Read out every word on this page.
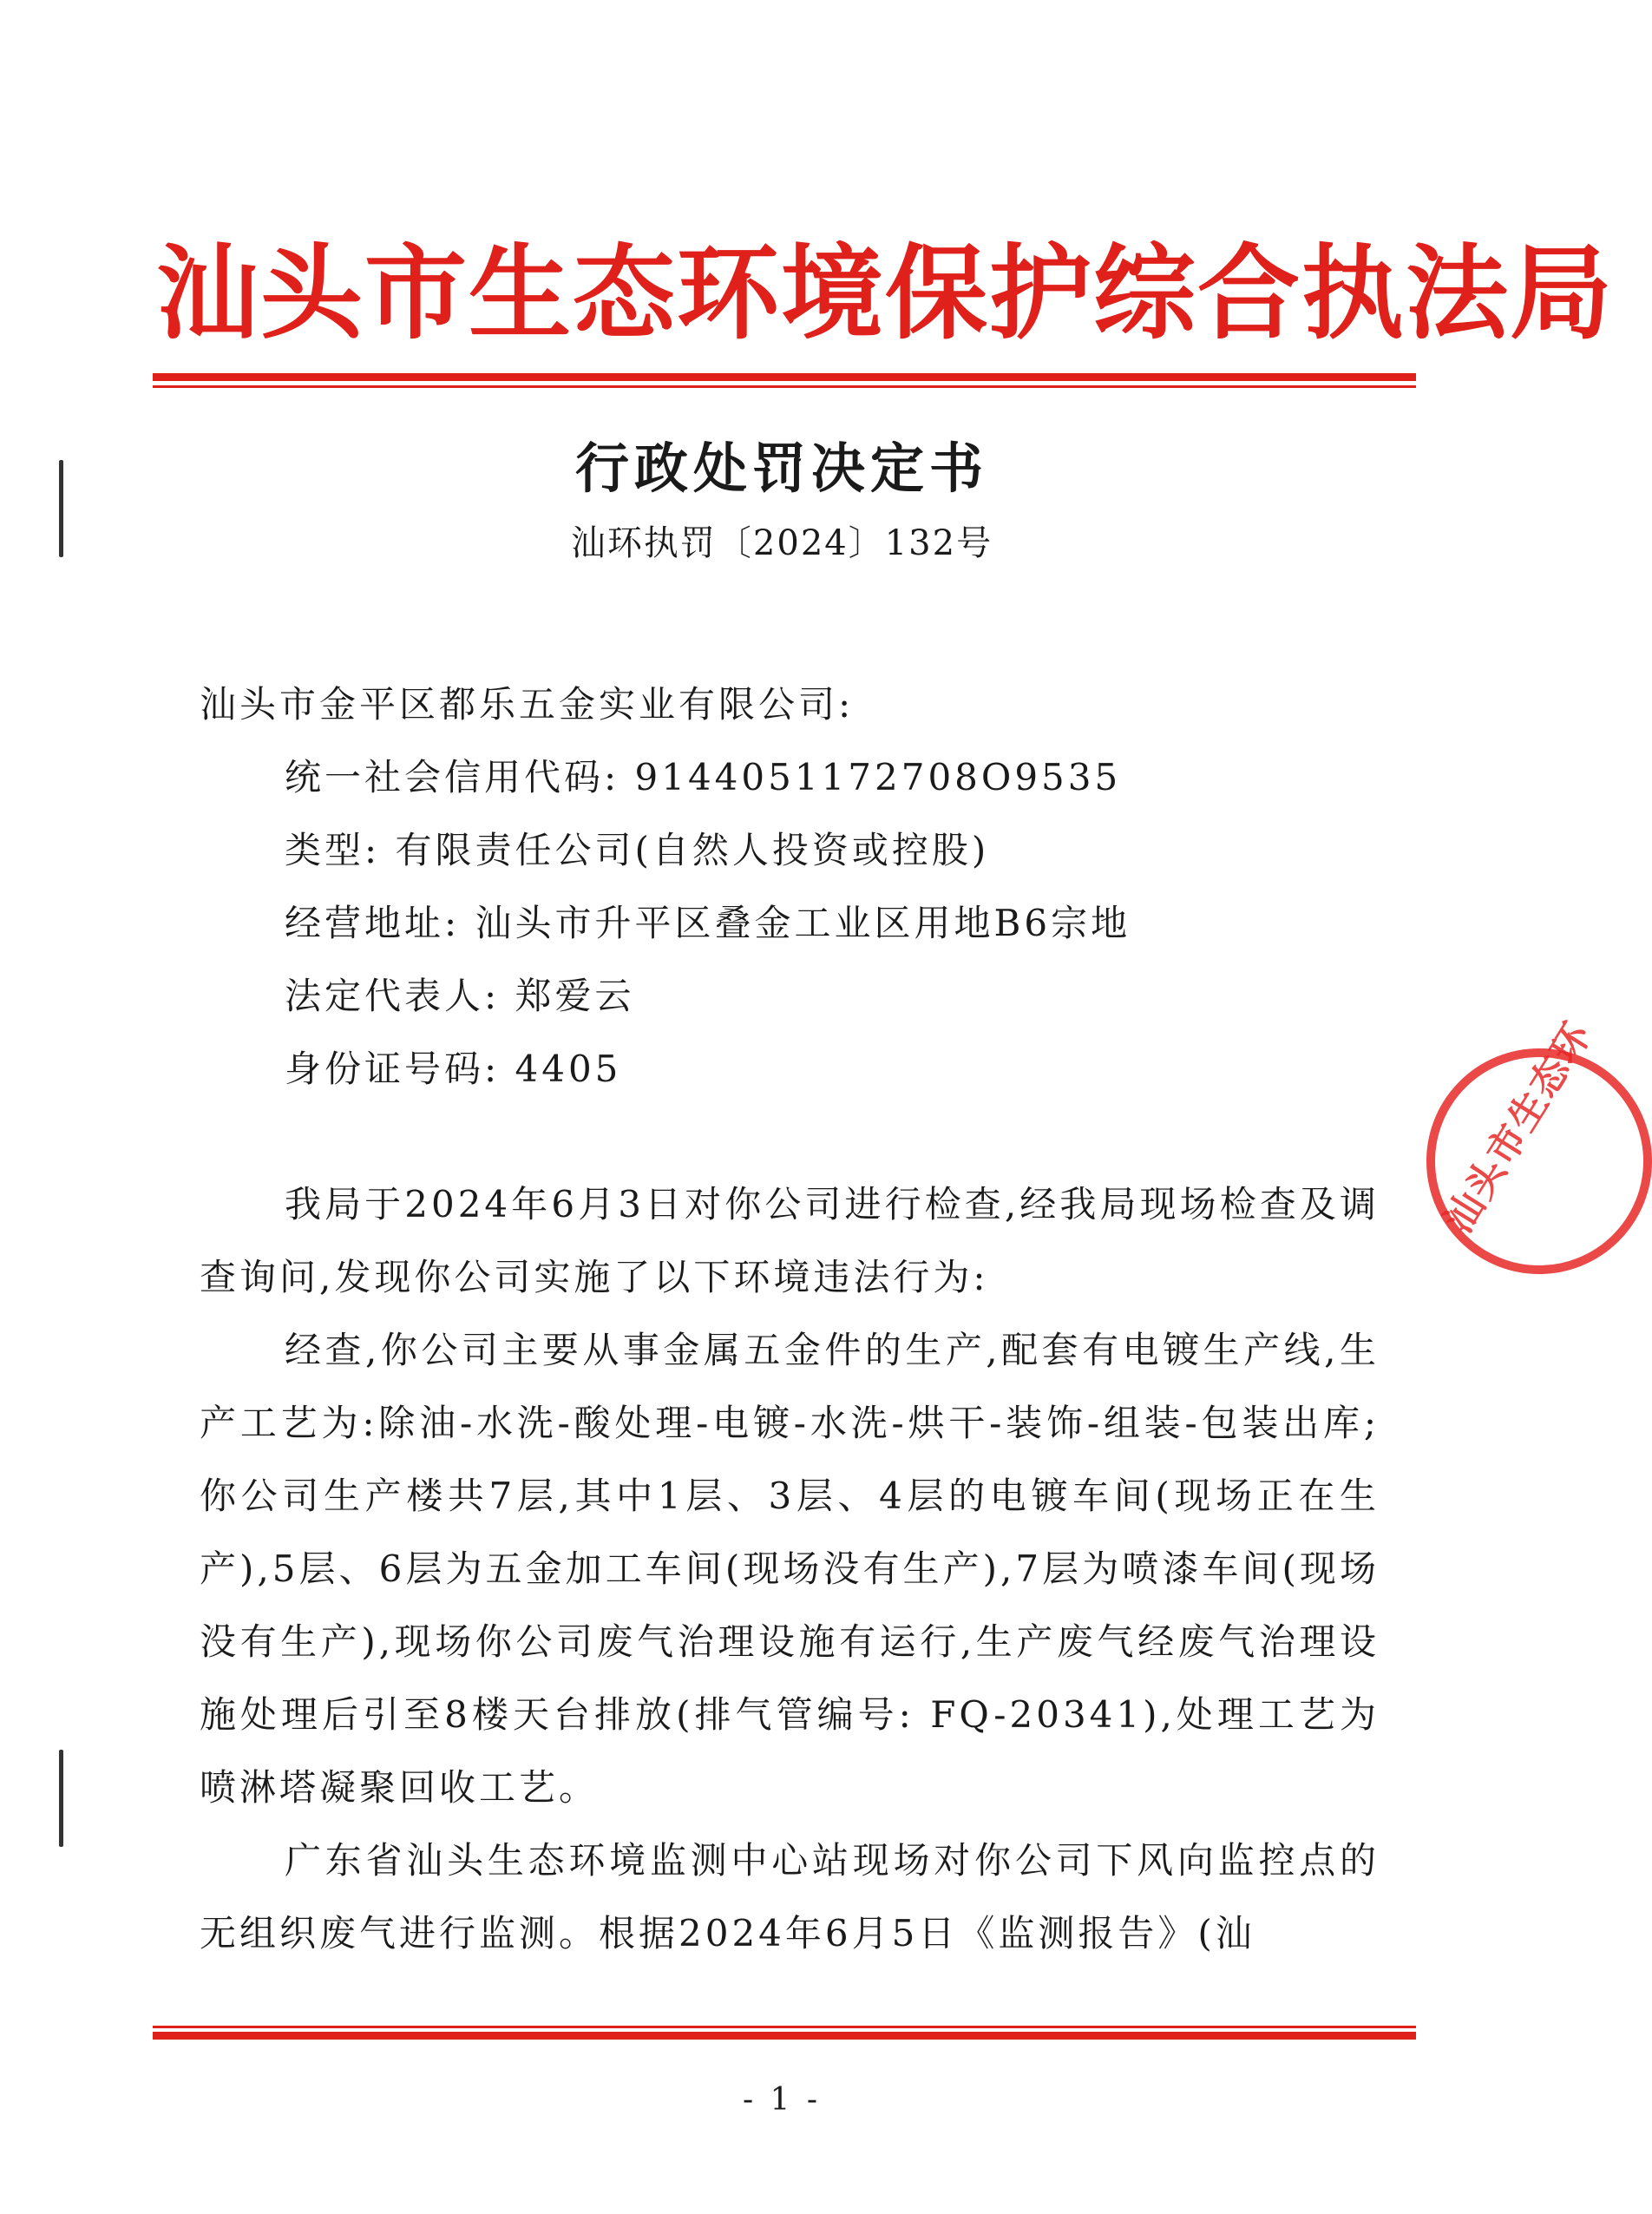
汕头市生态环境保护综合执法局
行政处罚决定书
汕环执罚〔2024〕132号
汕头市金平区都乐五金实业有限公司:
统一社会信用代码: 9144051172708O9535
类型: 有限责任公司(自然人投资或控股)
经营地址: 汕头市升平区叠金工业区用地B6宗地
法定代表人: 郑爱云
身份证号码: 4405

我局于2024年6月3日对你公司进行检查,经我局现场检查及调查询问,发现你公司实施了以下环境违法行为:

经查,你公司主要从事金属五金件的生产,配套有电镀生产线,生产工艺为:除油-水洗-酸处理-电镀-水洗-烘干-装饰-组装-包装出库;你公司生产楼共7层,其中1层、3层、4层的电镀车间(现场正在生产),5层、6层为五金加工车间(现场没有生产),7层为喷漆车间(现场没有生产),现场你公司废气治理设施有运行,生产废气经废气治理设施处理后引至8楼天台排放(排气管编号: FQ-20341),处理工艺为喷淋塔凝聚回收工艺。

广东省汕头生态环境监测中心站现场对你公司下风向监控点的无组织废气进行监测。根据2024年6月5日《监测报告》(汕

- 1 -
汕头市生态环
